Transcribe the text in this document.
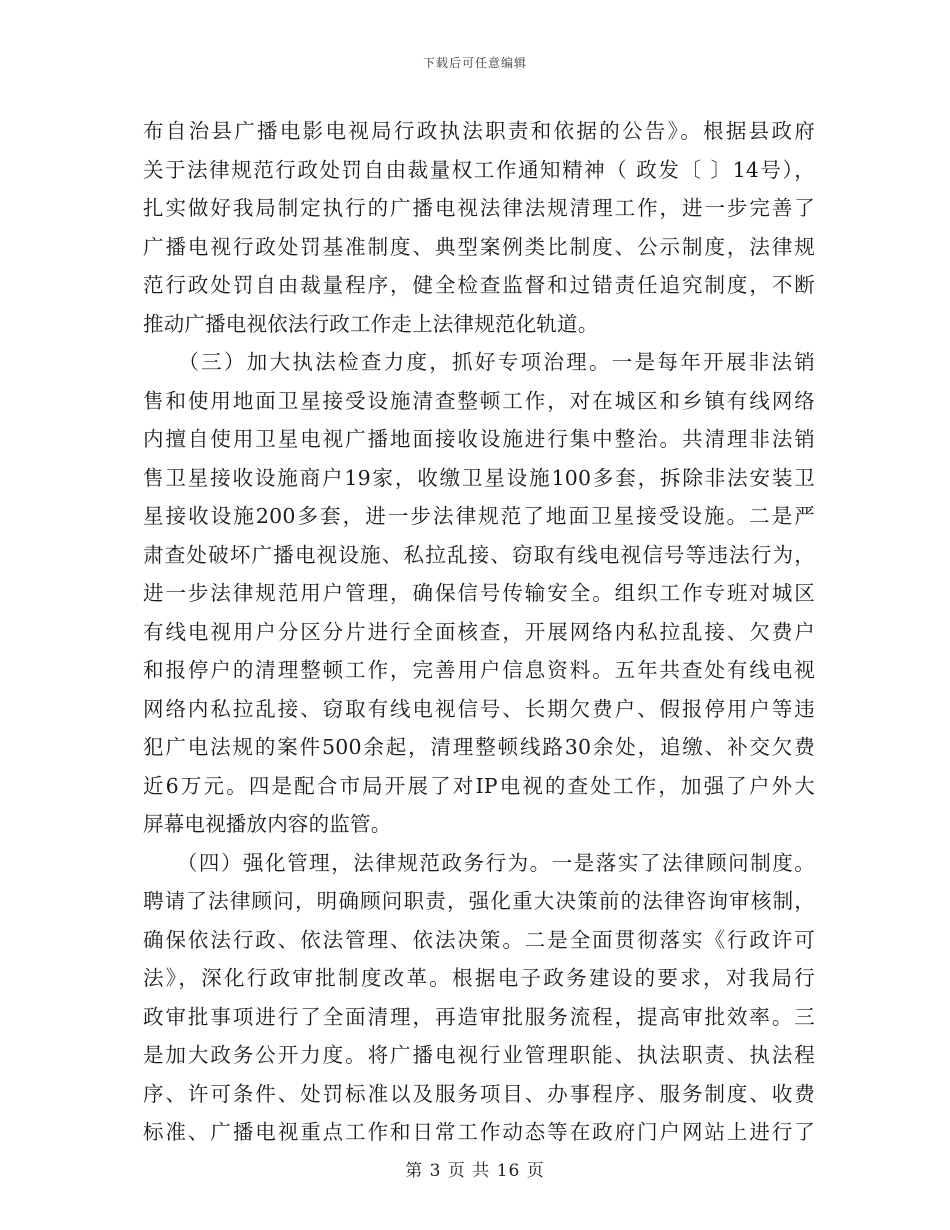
下载后可任意编辑
布自治县广播电影电视局行政执法职责和依据的公告》。根据县政府
关于法律规范行政处罚自由裁量权工作通知精神（ 政发〔 〕14号），
扎实做好我局制定执行的广播电视法律法规清理工作，进一步完善了
广播电视行政处罚基准制度、典型案例类比制度、公示制度，法律规
范行政处罚自由裁量程序，健全检查监督和过错责任追究制度，不断
推动广播电视依法行政工作走上法律规范化轨道。
　　（三）加大执法检查力度，抓好专项治理。一是每年开展非法销
售和使用地面卫星接受设施清查整顿工作，对在城区和乡镇有线网络
内擅自使用卫星电视广播地面接收设施进行集中整治。共清理非法销
售卫星接收设施商户19家，收缴卫星设施100多套，拆除非法安装卫
星接收设施200多套，进一步法律规范了地面卫星接受设施。二是严
肃查处破坏广播电视设施、私拉乱接、窃取有线电视信号等违法行为，
进一步法律规范用户管理，确保信号传输安全。组织工作专班对城区
有线电视用户分区分片进行全面核查，开展网络内私拉乱接、欠费户
和报停户的清理整顿工作，完善用户信息资料。五年共查处有线电视
网络内私拉乱接、窃取有线电视信号、长期欠费户、假报停用户等违
犯广电法规的案件500余起，清理整顿线路30余处，追缴、补交欠费
近6万元。四是配合市局开展了对IP电视的查处工作，加强了户外大
屏幕电视播放内容的监管。
　　（四）强化管理，法律规范政务行为。一是落实了法律顾问制度。
聘请了法律顾问，明确顾问职责，强化重大决策前的法律咨询审核制，
确保依法行政、依法管理、依法决策。二是全面贯彻落实《行政许可
法》，深化行政审批制度改革。根据电子政务建设的要求，对我局行
政审批事项进行了全面清理，再造审批服务流程，提高审批效率。三
是加大政务公开力度。将广播电视行业管理职能、执法职责、执法程
序、许可条件、处罚标准以及服务项目、办事程序、服务制度、收费
标准、广播电视重点工作和日常工作动态等在政府门户网站上进行了
第 3 页 共 16 页
